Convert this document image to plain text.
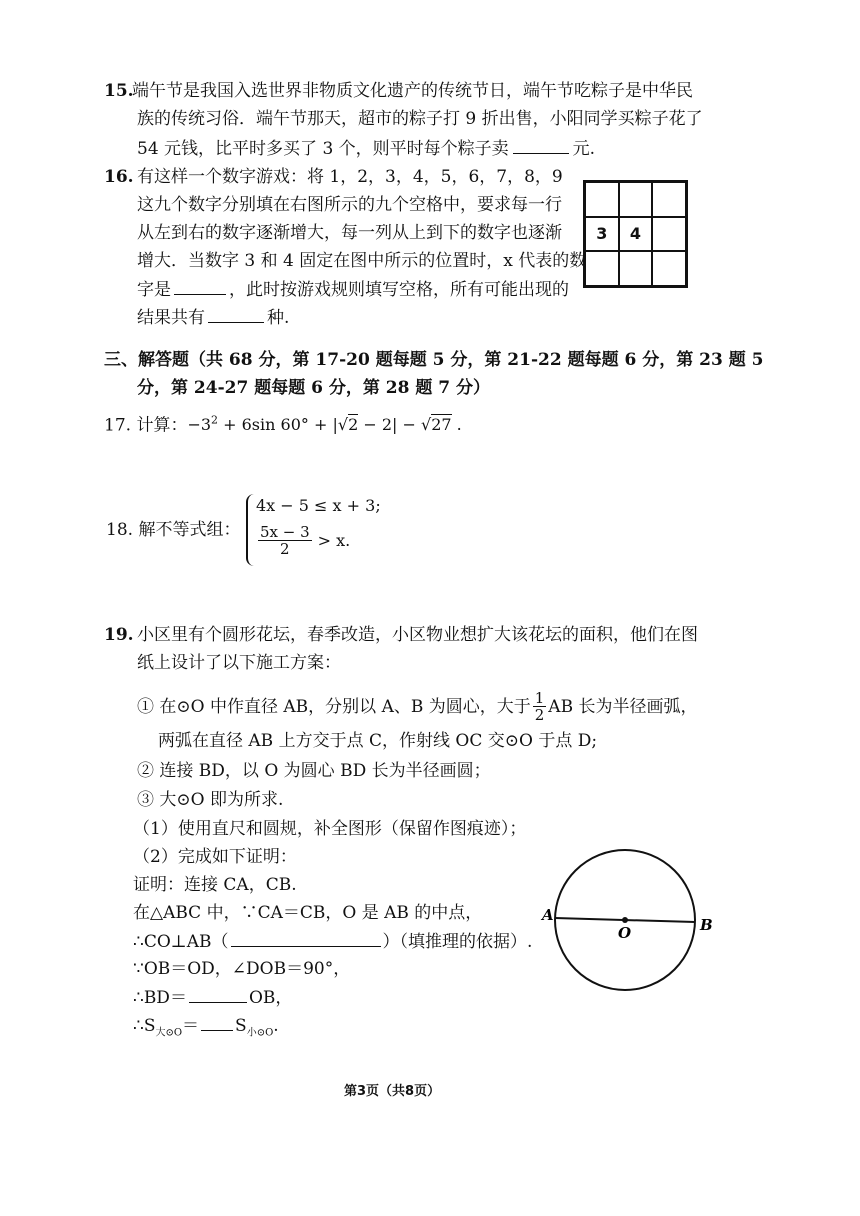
15.
端午节是我国入选世界非物质文化遗产的传统节日，端午节吃粽子是中华民
族的传统习俗．端午节那天，超市的粽子打 9 折出售，小阳同学买粽子花了
54 元钱，比平时多买了 3 个，则平时每个粽子卖	元.
16. 有这样一个数字游戏：将 1，2，3，4，5，6，7，8，9
这九个数字分别填在右图所示的九个空格中，要求每一行
从左到右的数字逐渐增大，每一列从上到下的数字也逐渐
增大．当数字 3 和 4 固定在图中所示的位置时，x 代表的数
字是	，此时按游戏规则填写空格，所有可能出现的
结果共有	种.
3	4
三、解答题（共 68 分，第 17-20 题每题 5 分，第 21-22 题每题 6 分，第 23 题 5
分，第 24-27 题每题 6 分，第 28 题 7 分）
17. 计算：$-3^2 + 6\sin$ 60° + |√2 − 2| − √27 .
18. 解不等式组：
4x − 5 ≤ x + 3;
$\frac{5x - 3}{2} > x$.
19. 小区里有个圆形花坛，春季改造，小区物业想扩大该花坛的面积，他们在图
纸上设计了以下施工方案：
① 在⊙O 中作直径 AB，分别以 A、B 为圆心，大于 $\frac{1}{2}$ AB 长为半径画弧，
两弧在直径 AB 上方交于点 C，作射线 OC 交⊙O 于点 D;
② 连接 BD，以 O 为圆心 BD 长为半径画圆；
③ 大⊙O 即为所求.
（1）使用直尺和圆规，补全图形（保留作图痕迹）；
（2）完成如下证明：
证明：连接 CA，CB.
在△ABC 中，∵CA＝CB，O 是 AB 的中点，
∴CO⊥AB（	）（填推理的依据）.
∵OB＝OD，∠DOB＝90°，
∴BD＝	OB，
$\therefore S_{大⊙O}= S_{小⊙O}$.
A
B
O
第3页（共8页）
